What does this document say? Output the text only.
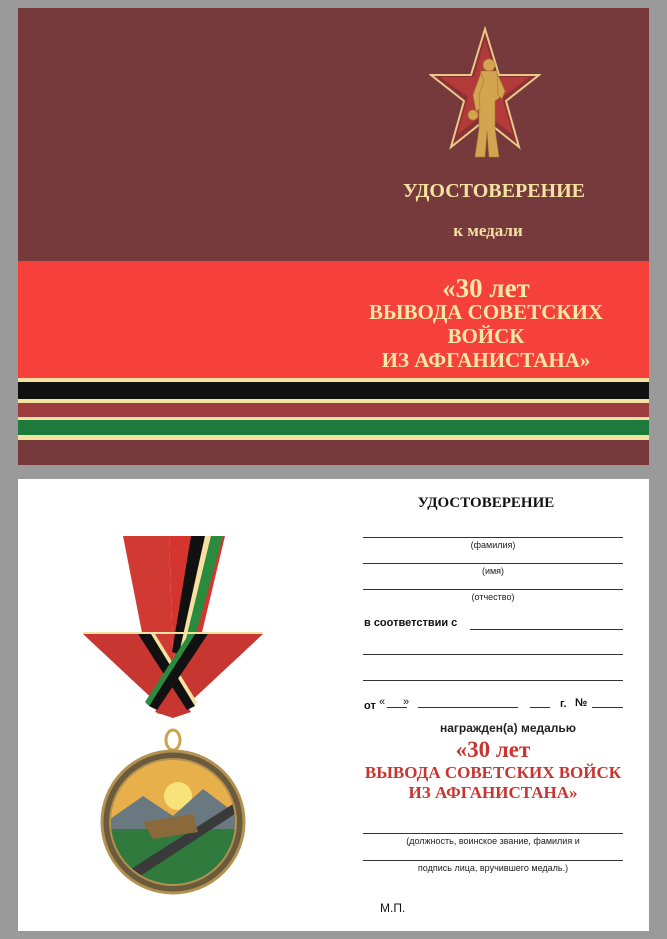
УДОСТОВЕРЕНИЕ
к медали
«30 лет
ВЫВОДА СОВЕТСКИХ ВОЙСК
ИЗ АФГАНИСТАНА»
УДОСТОВЕРЕНИЕ
(фамилия)
(имя)
(отчество)
в соответствии с
от « »	г. №
награжден(а) медалью
«30 лет
ВЫВОДА СОВЕТСКИХ ВОЙСК
ИЗ АФГАНИСТАНА»
(должность, воинское звание, фамилия и
подпись лица, вручившего медаль.)
М.П.
